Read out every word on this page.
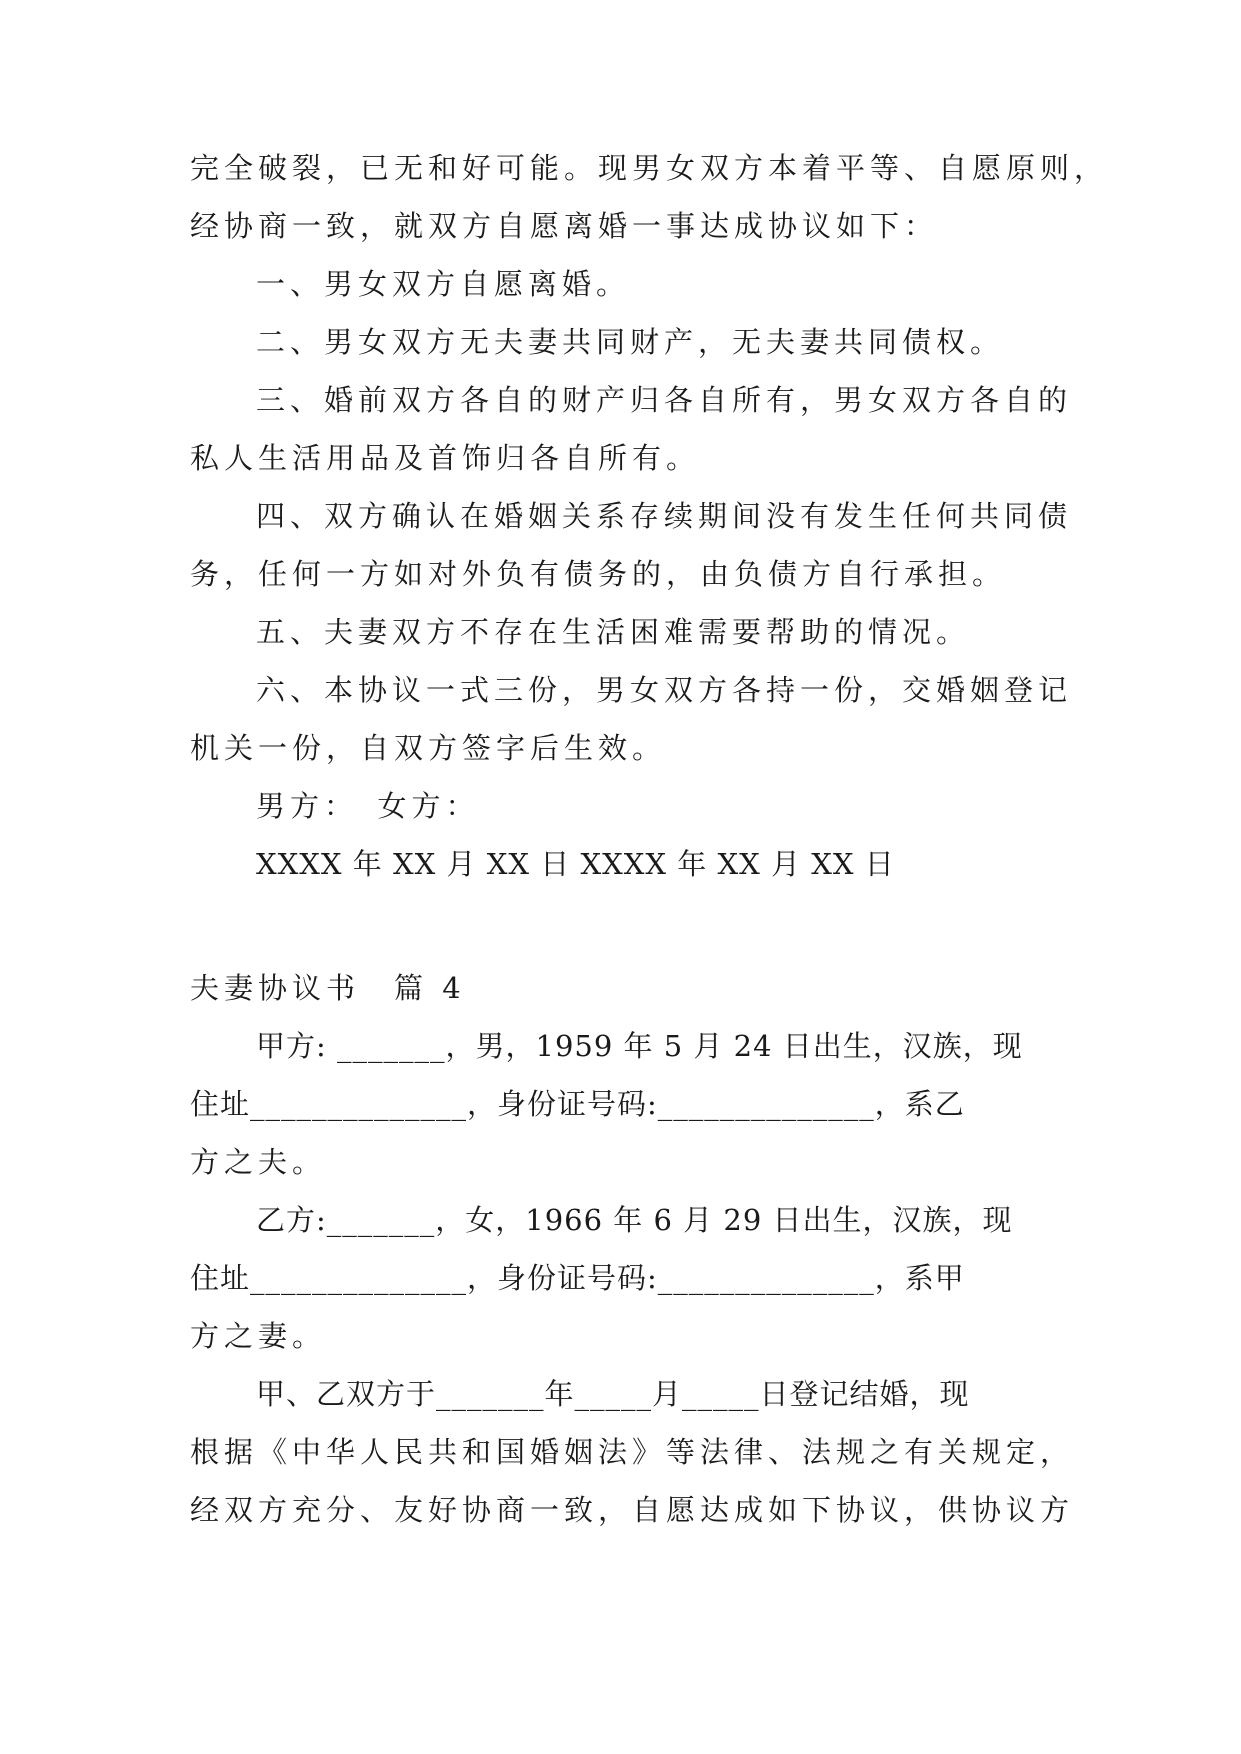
完全破裂，已无和好可能。现男女双方本着平等、自愿原则，
经协商一致，就双方自愿离婚一事达成协议如下：
一、男女双方自愿离婚。
二、男女双方无夫妻共同财产，无夫妻共同债权。
三、婚前双方各自的财产归各自所有，男女双方各自的
私人生活用品及首饰归各自所有。
四、双方确认在婚姻关系存续期间没有发生任何共同债
务，任何一方如对外负有债务的，由负债方自行承担。
五、夫妻双方不存在生活困难需要帮助的情况。
六、本协议一式三份，男女双方各持一份，交婚姻登记
机关一份，自双方签字后生效。
男方：　女方：
XXXX 年 XX 月 XX 日 XXXX 年 XX 月 XX 日
夫妻协议书　篇 4
甲方: _______，男，1959 年 5 月 24 日出生，汉族，现
住址______________，身份证号码:______________，系乙
方之夫。
乙方:_______，女，1966 年 6 月 29 日出生，汉族，现
住址______________，身份证号码:______________，系甲
方之妻。
甲、乙双方于_______年_____月_____日登记结婚，现
根据《中华人民共和国婚姻法》等法律、法规之有关规定，
经双方充分、友好协商一致，自愿达成如下协议，供协议方
